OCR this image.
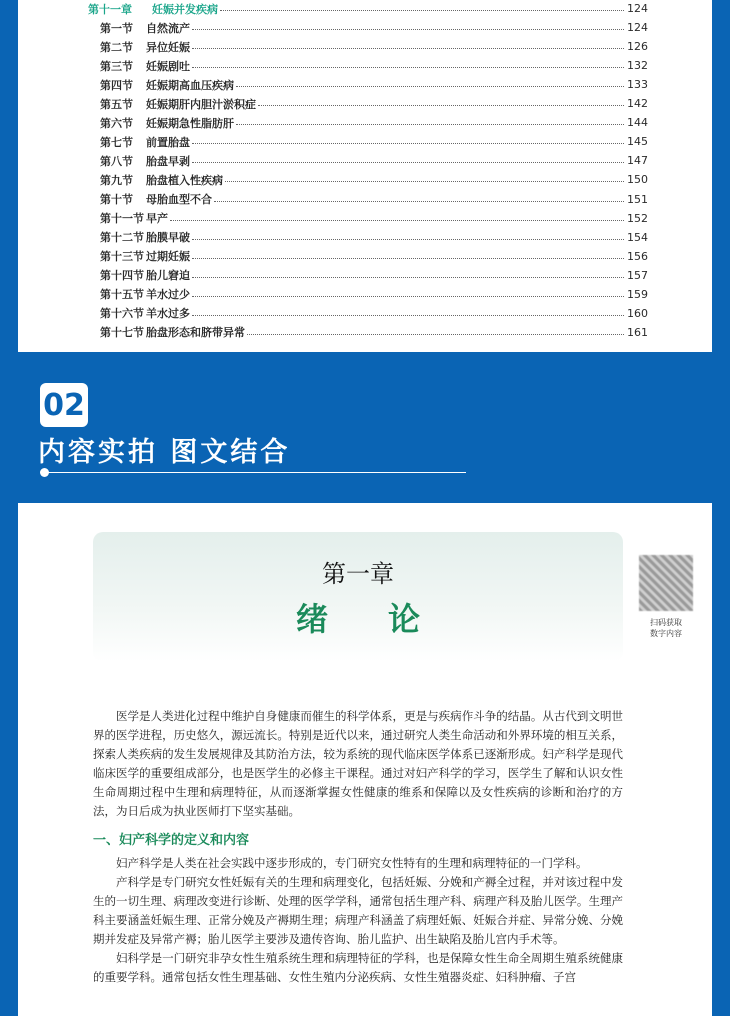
第十一章 妊娠并发疾病	124
第一节 自然流产	124
第二节 异位妊娠	126
第三节 妊娠剧吐	132
第四节 妊娠期高血压疾病	133
第五节 妊娠期肝内胆汁淤积症	142
第六节 妊娠期急性脂肪肝	144
第七节 前置胎盘	145
第八节 胎盘早剥	147
第九节 胎盘植入性疾病	150
第十节 母胎血型不合	151
第十一节 早产	152
第十二节 胎膜早破	154
第十三节 过期妊娠	156
第十四节 胎儿窘迫	157
第十五节 羊水过少	159
第十六节 羊水过多	160
第十七节 胎盘形态和脐带异常	161
02
内容实拍 图文结合
第一章
绪论	扫码获取
数字内容

医学是人类进化过程中维护自身健康而催生的科学体系，更是与疾病作斗争的结晶。从古代到文明世界的医学进程，历史悠久，源远流长。特别是近代以来，通过研究人类生命活动和外界环境的相互关系，探索人类疾病的发生发展规律及其防治方法，较为系统的现代临床医学体系已逐渐形成。妇产科学是现代临床医学的重要组成部分，也是医学生的必修主干课程。通过对妇产科学的学习，医学生了解和认识女性生命周期过程中生理和病理特征，从而逐渐掌握女性健康的维系和保障以及女性疾病的诊断和治疗的方法，为日后成为执业医师打下坚实基础。

一、妇产科学的定义和内容

妇产科学是人类在社会实践中逐步形成的，专门研究女性特有的生理和病理特征的一门学科。

产科学是专门研究女性妊娠有关的生理和病理变化，包括妊娠、分娩和产褥全过程，并对该过程中发生的一切生理、病理改变进行诊断、处理的医学学科，通常包括生理产科、病理产科及胎儿医学。生理产科主要涵盖妊娠生理、正常分娩及产褥期生理；病理产科涵盖了病理妊娠、妊娠合并症、异常分娩、分娩期并发症及异常产褥；胎儿医学主要涉及遗传咨询、胎儿监护、出生缺陷及胎儿宫内手术等。

妇科学是一门研究非孕女性生殖系统生理和病理特征的学科，也是保障女性生命全周期生殖系统健康的重要学科。通常包括女性生理基础、女性生殖内分泌疾病、女性生殖器炎症、妇科肿瘤、子宫
